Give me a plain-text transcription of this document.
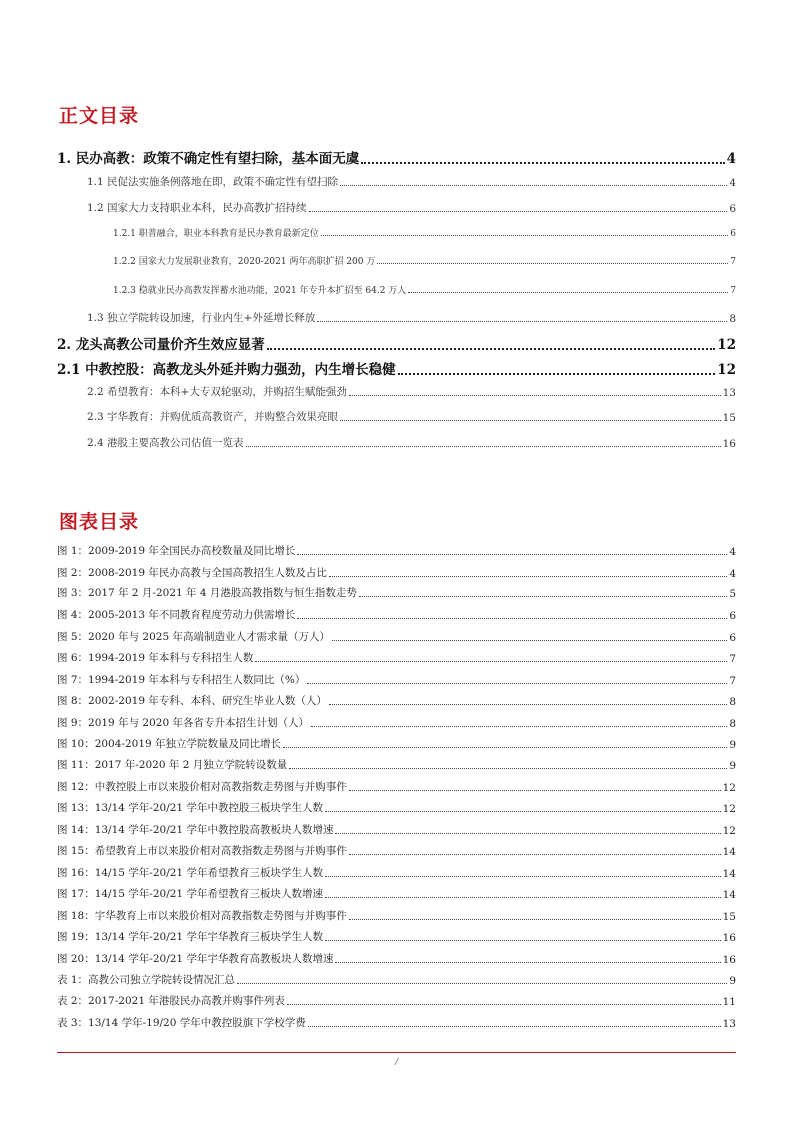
正文目录
1. 民办高教：政策不确定性有望扫除，基本面无虞	4
1.1 民促法实施条例落地在即，政策不确定性有望扫除	4
1.2 国家大力支持职业本科，民办高教扩招持续	6
1.2.1 职普融合，职业本科教育是民办教育最新定位	6
1.2.2 国家大力发展职业教育，2020-2021 两年高职扩招 200 万	7
1.2.3 稳就业民办高教发挥蓄水池功能，2021 年专升本扩招至 64.2 万人	7
1.3 独立学院转设加速，行业内生+外延增长释放	8
2. 龙头高教公司量价齐生效应显著	12
2.1 中教控股：高教龙头外延并购力强劲，内生增长稳健	12
2.2 希望教育：本科+大专双轮驱动，并购招生赋能强劲	13
2.3 宇华教育：并购优质高教资产，并购整合效果亮眼	15
2.4 港股主要高教公司估值一览表	16
图表目录
图 1：2009-2019 年全国民办高校数量及同比增长	4
图 2：2008-2019 年民办高教与全国高教招生人数及占比	4
图 3：2017 年 2 月-2021 年 4 月港股高教指数与恒生指数走势	5
图 4：2005-2013 年不同教育程度劳动力供需增长	6
图 5：2020 年与 2025 年高端制造业人才需求量（万人）	6
图 6：1994-2019 年本科与专科招生人数	7
图 7：1994-2019 年本科与专科招生人数同比（%）	7
图 8：2002-2019 年专科、本科、研究生毕业人数（人）	8
图 9：2019 年与 2020 年各省专升本招生计划（人）	8
图 10：2004-2019 年独立学院数量及同比增长	9
图 11：2017 年-2020 年 2 月独立学院转设数量	9
图 12：中教控股上市以来股价相对高教指数走势图与并购事件	12
图 13：13/14 学年-20/21 学年中教控股三板块学生人数	12
图 14：13/14 学年-20/21 学年中教控股高教板块人数增速	12
图 15：希望教育上市以来股价相对高教指数走势图与并购事件	14
图 16：14/15 学年-20/21 学年希望教育三板块学生人数	14
图 17：14/15 学年-20/21 学年希望教育三板块人数增速	14
图 18：宇华教育上市以来股价相对高教指数走势图与并购事件	15
图 19：13/14 学年-20/21 学年宇华教育三板块学生人数	16
图 20：13/14 学年-20/21 学年宇华教育高教板块人数增速	16
表 1：高教公司独立学院转设情况汇总	9
表 2：2017-2021 年港股民办高教并购事件列表	11
表 3：13/14 学年-19/20 学年中教控股旗下学校学费	13
/
